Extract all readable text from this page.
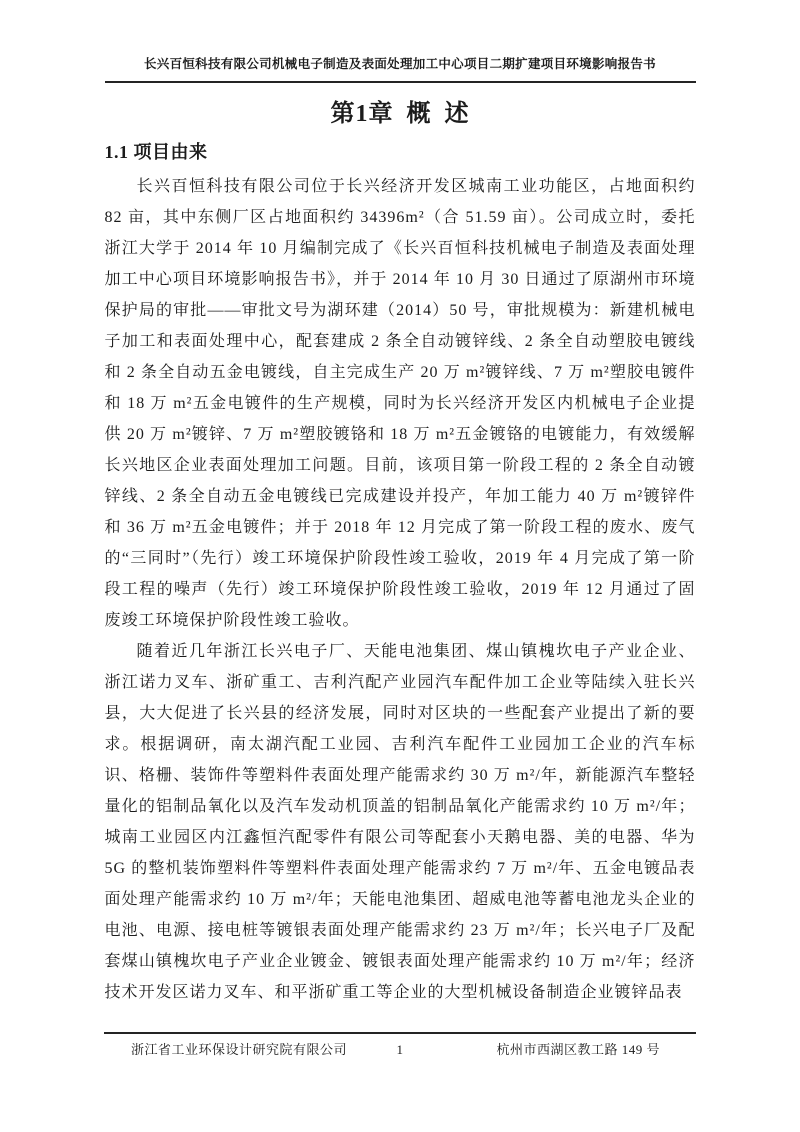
长兴百恒科技有限公司机械电子制造及表面处理加工中心项目二期扩建项目环境影响报告书
第1章 概 述
1.1 项目由来

长兴百恒科技有限公司位于长兴经济开发区城南工业功能区，占地面积约 82 亩，其中东侧厂区占地面积约 34396m²（合 51.59 亩）。公司成立时，委托浙江大学于 2014 年 10 月编制完成了《长兴百恒科技机械电子制造及表面处理加工中心项目环境影响报告书》，并于 2014 年 10 月 30 日通过了原湖州市环境保护局的审批——审批文号为湖环建（2014）50 号，审批规模为：新建机械电子加工和表面处理中心，配套建成 2 条全自动镀锌线、2 条全自动塑胶电镀线和 2 条全自动五金电镀线，自主完成生产 20 万 m²镀锌线、7 万 m²塑胶电镀件和 18 万 m²五金电镀件的生产规模，同时为长兴经济开发区内机械电子企业提供 20 万 m²镀锌、7 万 m²塑胶镀铬和 18 万 m²五金镀铬的电镀能力，有效缓解长兴地区企业表面处理加工问题。目前，该项目第一阶段工程的 2 条全自动镀锌线、2 条全自动五金电镀线已完成建设并投产，年加工能力 40 万 m²镀锌件和 36 万 m²五金电镀件；并于 2018 年 12 月完成了第一阶段工程的废水、废气的“三同时”（先行）竣工环境保护阶段性竣工验收，2019 年 4 月完成了第一阶段工程的噪声（先行）竣工环境保护阶段性竣工验收，2019 年 12 月通过了固废竣工环境保护阶段性竣工验收。

随着近几年浙江长兴电子厂、天能电池集团、煤山镇槐坎电子产业企业、浙江诺力叉车、浙矿重工、吉利汽配产业园汽车配件加工企业等陆续入驻长兴县，大大促进了长兴县的经济发展，同时对区块的一些配套产业提出了新的要求。根据调研，南太湖汽配工业园、吉利汽车配件工业园加工企业的汽车标识、格栅、装饰件等塑料件表面处理产能需求约 30 万 m²/年，新能源汽车整轻量化的铝制品氧化以及汽车发动机顶盖的铝制品氧化产能需求约 10 万 m²/年；城南工业园区内江鑫恒汽配零件有限公司等配套小天鹅电器、美的电器、华为 5G 的整机装饰塑料件等塑料件表面处理产能需求约 7 万 m²/年、五金电镀品表面处理产能需求约 10 万 m²/年；天能电池集团、超威电池等蓄电池龙头企业的电池、电源、接电桩等镀银表面处理产能需求约 23 万 m²/年；长兴电子厂及配套煤山镇槐坎电子产业企业镀金、镀银表面处理产能需求约 10 万 m²/年；经济技术开发区诺力叉车、和平浙矿重工等企业的大型机械设备制造企业镀锌品表

浙江省工业环保设计研究院有限公司	1	杭州市西湖区教工路 149 号
